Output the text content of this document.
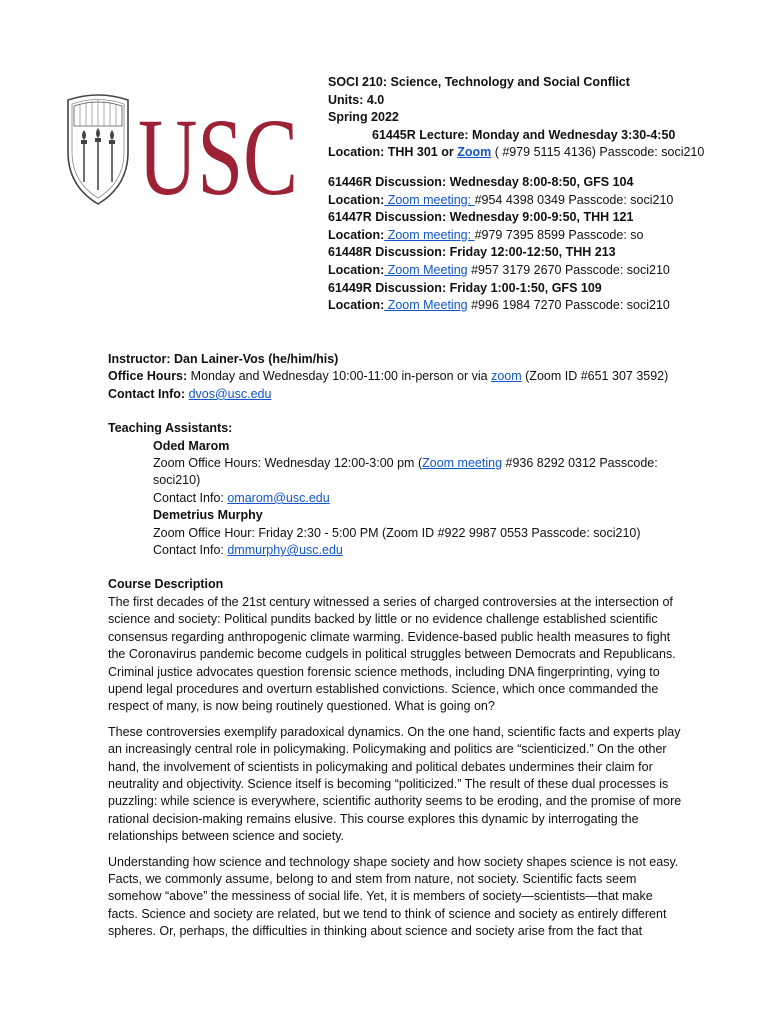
USC
SOCI 210: Science, Technology and Social Conflict
Units: 4.0
Spring 2022
61445R Lecture: Monday and Wednesday 3:30-4:50
Location: THH 301 or Zoom ( #979 5115 4136) Passcode: soci210
61446R Discussion: Wednesday 8:00-8:50, GFS 104
Location: Zoom meeting: #954 4398 0349 Passcode: soci210
61447R Discussion: Wednesday 9:00-9:50, THH 121
Location: Zoom meeting: #979 7395 8599 Passcode: so
61448R Discussion: Friday 12:00-12:50, THH 213
Location: Zoom Meeting #957 3179 2670 Passcode: soci210
61449R Discussion: Friday 1:00-1:50, GFS 109
Location: Zoom Meeting #996 1984 7270 Passcode: soci210
Instructor: Dan Lainer-Vos (he/him/his)
Office Hours: Monday and Wednesday 10:00-11:00 in-person or via zoom (Zoom ID #651 307 3592)
Contact Info: dvos@usc.edu
Teaching Assistants:
Oded Marom
Zoom Office Hours: Wednesday 12:00-3:00 pm (Zoom meeting #936 8292 0312 Passcode:
soci210)
Contact Info: omarom@usc.edu
Demetrius Murphy
Zoom Office Hour: Friday 2:30 - 5:00 PM (Zoom ID #922 9987 0553 Passcode: soci210)
Contact Info: dmmurphy@usc.edu
Course Description
The first decades of the 21st century witnessed a series of charged controversies at the intersection of
science and society: Political pundits backed by little or no evidence challenge established scientific
consensus regarding anthropogenic climate warming. Evidence-based public health measures to fight
the Coronavirus pandemic become cudgels in political struggles between Democrats and Republicans.
Criminal justice advocates question forensic science methods, including DNA fingerprinting, vying to
upend legal procedures and overturn established convictions. Science, which once commanded the
respect of many, is now being routinely questioned. What is going on?
These controversies exemplify paradoxical dynamics. On the one hand, scientific facts and experts play
an increasingly central role in policymaking. Policymaking and politics are “scienticized.” On the other
hand, the involvement of scientists in policymaking and political debates undermines their claim for
neutrality and objectivity. Science itself is becoming “politicized.” The result of these dual processes is
puzzling: while science is everywhere, scientific authority seems to be eroding, and the promise of more
rational decision-making remains elusive. This course explores this dynamic by interrogating the
relationships between science and society.
Understanding how science and technology shape society and how society shapes science is not easy.
Facts, we commonly assume, belong to and stem from nature, not society. Scientific facts seem
somehow “above” the messiness of social life. Yet, it is members of society—scientists—that make
facts. Science and society are related, but we tend to think of science and society as entirely different
spheres. Or, perhaps, the difficulties in thinking about science and society arise from the fact that
